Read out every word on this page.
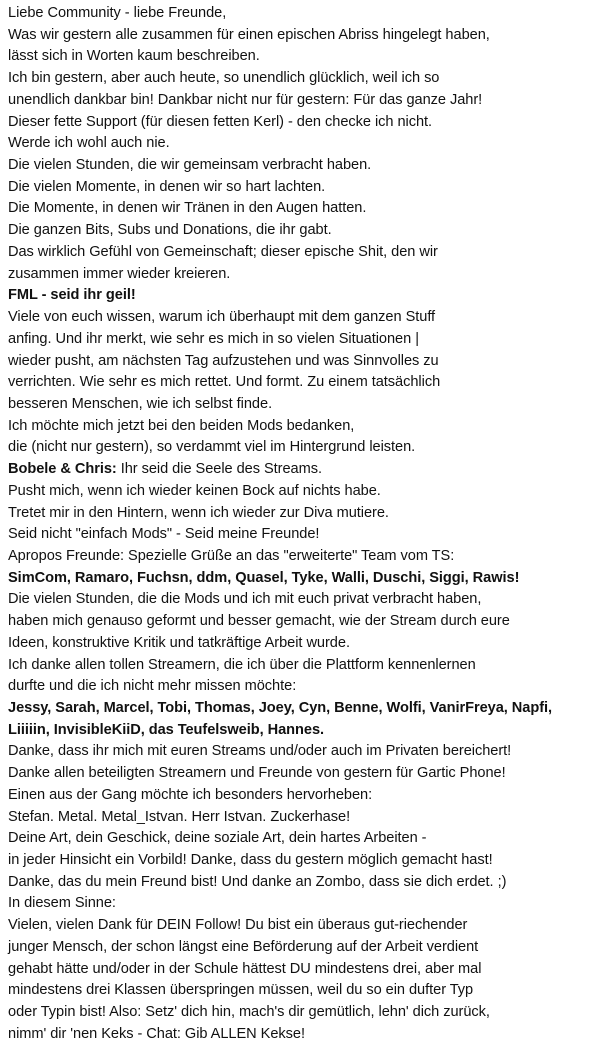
Liebe Community - liebe Freunde,
Was wir gestern alle zusammen für einen epischen Abriss hingelegt haben,
lässt sich in Worten kaum beschreiben.
Ich bin gestern, aber auch heute, so unendlich glücklich, weil ich so
unendlich dankbar bin! Dankbar nicht nur für gestern: Für das ganze Jahr!
Dieser fette Support (für diesen fetten Kerl) - den checke ich nicht.
Werde ich wohl auch nie.
Die vielen Stunden, die wir gemeinsam verbracht haben.
Die vielen Momente, in denen wir so hart lachten.
Die Momente, in denen wir Tränen in den Augen hatten.
Die ganzen Bits, Subs und Donations, die ihr gabt.
Das wirklich Gefühl von Gemeinschaft; dieser epische Shit, den wir
zusammen immer wieder kreieren.
FML - seid ihr geil!
Viele von euch wissen, warum ich überhaupt mit dem ganzen Stuff
anfing. Und ihr merkt, wie sehr es mich in so vielen Situationen |
wieder pusht, am nächsten Tag aufzustehen und was Sinnvolles zu
verrichten. Wie sehr es mich rettet. Und formt. Zu einem tatsächlich
besseren Menschen, wie ich selbst finde.
Ich möchte mich jetzt bei den beiden Mods bedanken,
die (nicht nur gestern), so verdammt viel im Hintergrund leisten.
Bobele & Chris: Ihr seid die Seele des Streams.
Pusht mich, wenn ich wieder keinen Bock auf nichts habe.
Tretet mir in den Hintern, wenn ich wieder zur Diva mutiere.
Seid nicht "einfach Mods" - Seid meine Freunde!
Apropos Freunde: Spezielle Grüße an das "erweiterte" Team vom TS:
SimCom, Ramaro, Fuchsn, ddm, Quasel, Tyke, Walli, Duschi, Siggi, Rawis!
Die vielen Stunden, die die Mods und ich mit euch privat verbracht haben,
haben mich genauso geformt und besser gemacht, wie der Stream durch eure
Ideen, konstruktive Kritik und tatkräftige Arbeit wurde.
Ich danke allen tollen Streamern, die ich über die Plattform kennenlernen
durfte und die ich nicht mehr missen möchte:
Jessy, Sarah, Marcel, Tobi, Thomas, Joey, Cyn, Benne, Wolfi, VanirFreya, Napfi,
Liiiiin, InvisibleKiiD, das Teufelsweib, Hannes.
Danke, dass ihr mich mit euren Streams und/oder auch im Privaten bereichert!
Danke allen beteiligten Streamern und Freunde von gestern für Gartic Phone!
Einen aus der Gang möchte ich besonders hervorheben:
Stefan. Metal. Metal_Istvan. Herr Istvan. Zuckerhase!
Deine Art, dein Geschick, deine soziale Art, dein hartes Arbeiten -
in jeder Hinsicht ein Vorbild! Danke, dass du gestern möglich gemacht hast!
Danke, das du mein Freund bist! Und danke an Zombo, dass sie dich erdet. ;)
In diesem Sinne:
Vielen, vielen Dank für DEIN Follow! Du bist ein überaus gut-riechender
junger Mensch, der schon längst eine Beförderung auf der Arbeit verdient
gehabt hätte und/oder in der Schule hättest DU mindestens drei, aber mal
mindestens drei Klassen überspringen müssen, weil du so ein dufter Typ
oder Typin bist! Also: Setz' dich hin, mach's dir gemütlich, lehn' dich zurück,
nimm' dir 'nen Keks - Chat: Gib ALLEN Kekse!
